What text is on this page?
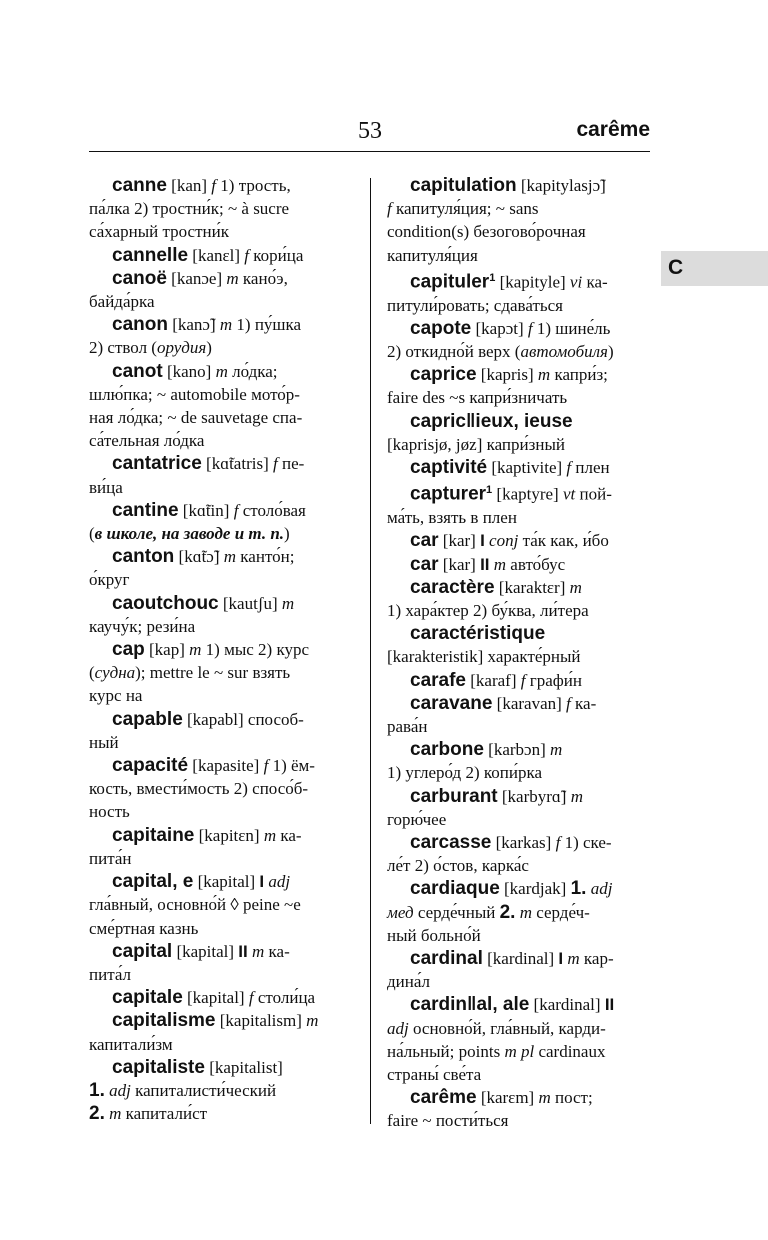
53	carême
C
canne [kan] f 1) трость,
па́лка 2) тростни́к; ~ à sucre
са́харный тростни́к
cannelle [kanɛl] f кори́ца
canoë [kanɔe] m кано́э,
байда́рка
canon [kanɔ̃] m 1) пу́шка
2) ствол (орудия)
canot [kano] m ло́дка;
шлю́пка; ~ automobile мото́р-
ная ло́дка; ~ de sauvetage спа-
са́тельная ло́дка
cantatrice [kɑ̃tatris] f пе-
ви́ца
cantine [kɑ̃tin] f столо́вая
(в школе, на заводе и т. п.)
canton [kɑ̃tɔ̃] m канто́н;
о́круг
caoutchouc [kautʃu] m
каучу́к; рези́на
cap [kap] m 1) мыс 2) курс
(судна); mettre le ~ sur взять
курс на
capable [kapabl] способ-
ный
capacité [kapasite] f 1) ём-
кость, вмести́мость 2) спосо́б-
ность
capitaine [kapitɛn] m ка-
пита́н
capital, e [kapital] I adj
гла́вный, основно́й ◊ peine ~e
сме́ртная казнь
capital [kapital] II m ка-
пита́л
capitale [kapital] f столи́ца
capitalisme [kapitalism] m
капитали́зм
capitaliste [kapitalist]
1. adj капиталисти́ческий
2. m капитали́ст
capitulation [kapitylasjɔ̃]
f капитуля́ция; ~ sans
condition(s) безогово́рочная
капитуля́ция
capituler$^1$ [kapityle] vi ка-
питули́ровать; сдава́ться
capote [kapɔt] f 1) шине́ль
2) откидно́й верх (автомобиля)
caprice [kapris] m капри́з;
faire des ~s капри́зничать
capric‖ieux, ieuse
[kaprisjø, jøz] капри́зный
captivité [kaptivite] f плен
capturer$^1$ [kaptyre] vt пой-
ма́ть, взять в плен
car [kar] I conj та́к как, и́бо
car [kar] II m авто́бус
caractère [karaktɛr] m
1) хара́ктер 2) бу́ква, ли́тера
caractéristique
[karakteristik] характе́рный
carafe [karaf] f графи́н
caravane [karavan] f ка-
рава́н
carbone [karbɔn] m
1) углеро́д 2) копи́рка
carburant [karbyrɑ̃] m
горю́чее
carcasse [karkas] f 1) ске-
ле́т 2) о́стов, карка́с
cardiaque [kardjak] 1. adj
мед серде́чный 2. m серде́ч-
ный больно́й
cardinal [kardinal] I m кар-
дина́л
cardin‖al, ale [kardinal] II
adj основно́й, гла́вный, карди-
на́льный; points m pl cardinaux
страны́ све́та
carême [karɛm] m пост;
faire ~ пости́ться
